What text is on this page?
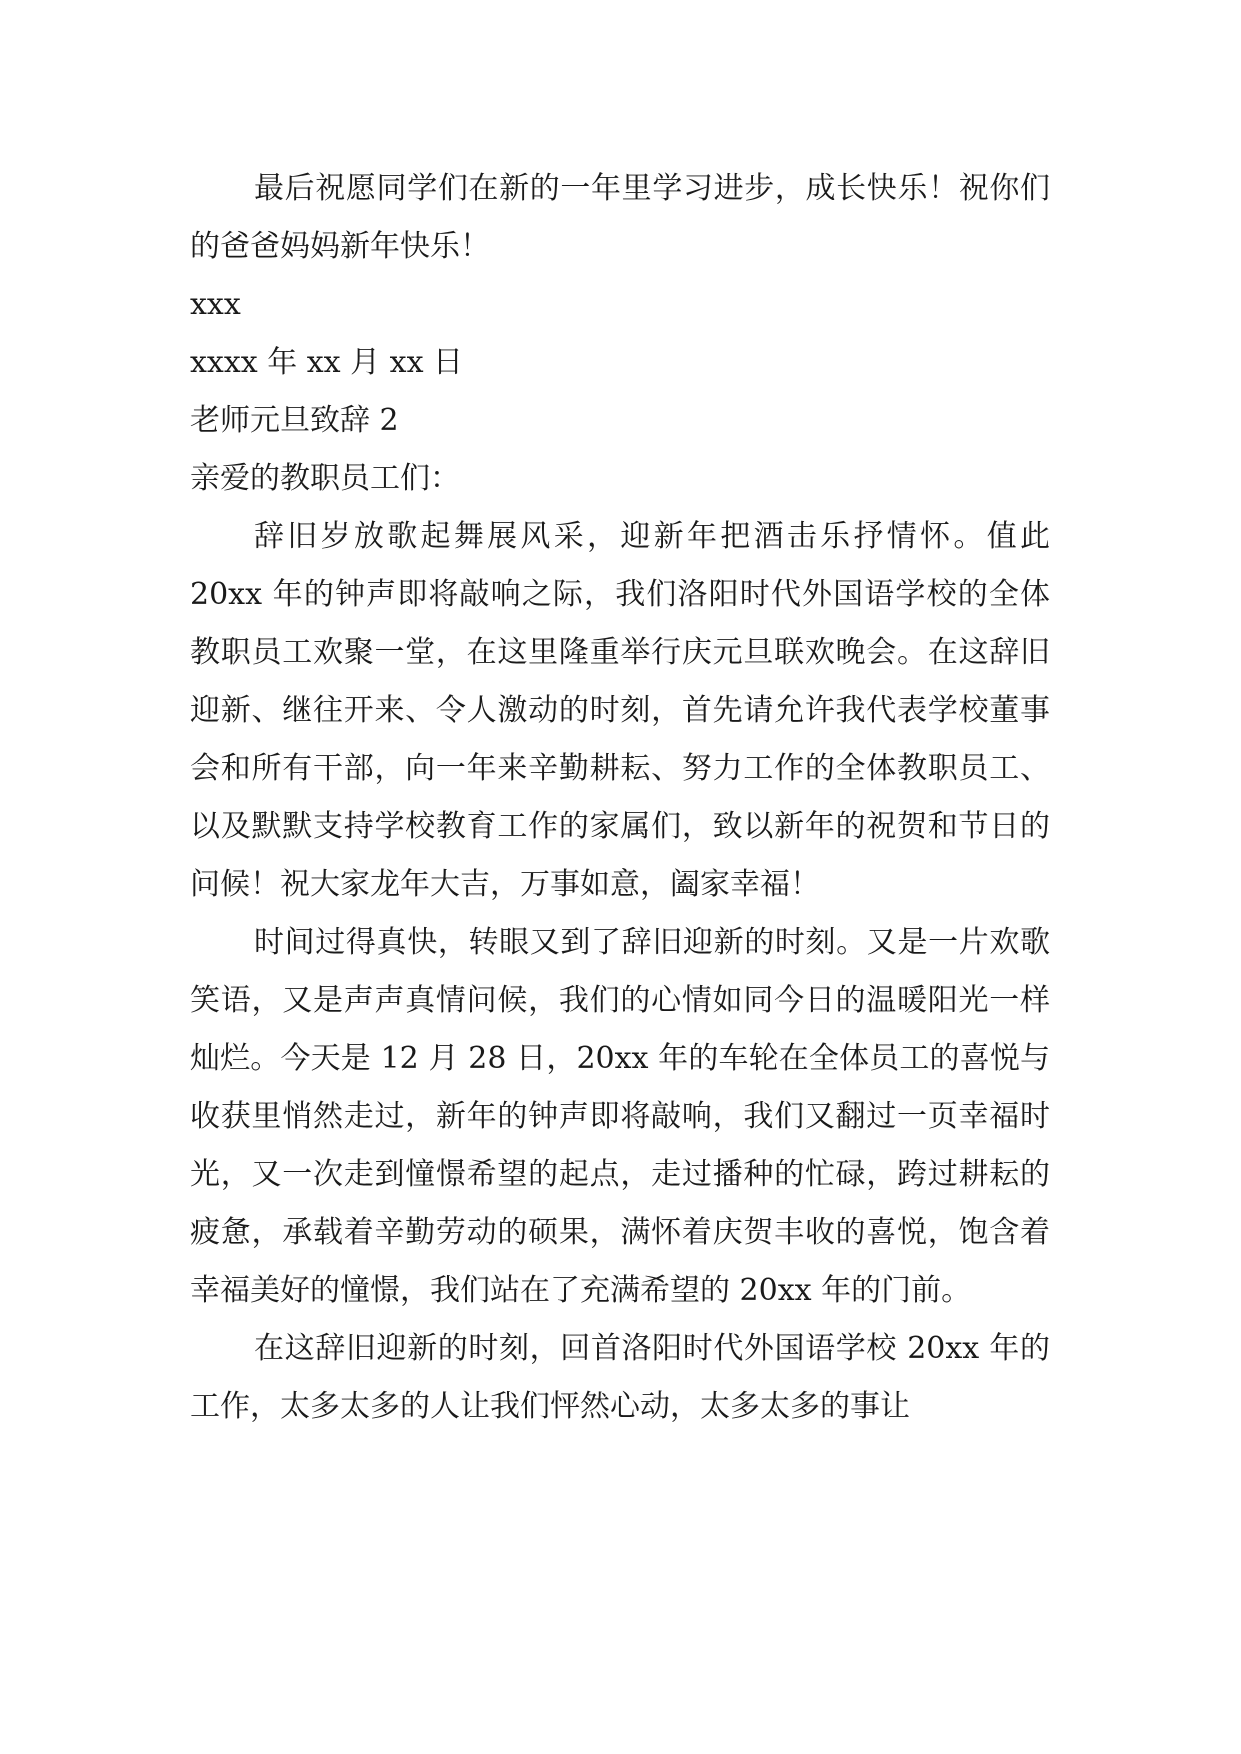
最后祝愿同学们在新的一年里学习进步，成长快乐！祝你们的爸爸妈妈新年快乐！

xxx

xxxx 年 xx 月 xx 日

老师元旦致辞 2

亲爱的教职员工们：

辞旧岁放歌起舞展风采，迎新年把酒击乐抒情怀。值此 20xx 年的钟声即将敲响之际，我们洛阳时代外国语学校的全体教职员工欢聚一堂，在这里隆重举行庆元旦联欢晚会。在这辞旧迎新、继往开来、令人激动的时刻，首先请允许我代表学校董事会和所有干部，向一年来辛勤耕耘、努力工作的全体教职员工、以及默默支持学校教育工作的家属们，致以新年的祝贺和节日的问候！祝大家龙年大吉，万事如意，阖家幸福！

时间过得真快，转眼又到了辞旧迎新的时刻。又是一片欢歌笑语，又是声声真情问候，我们的心情如同今日的温暖阳光一样灿烂。今天是 12 月 28 日，20xx 年的车轮在全体员工的喜悦与收获里悄然走过，新年的钟声即将敲响，我们又翻过一页幸福时光，又一次走到憧憬希望的起点，走过播种的忙碌，跨过耕耘的疲惫，承载着辛勤劳动的硕果，满怀着庆贺丰收的喜悦，饱含着幸福美好的憧憬，我们站在了充满希望的 20xx 年的门前。

在这辞旧迎新的时刻，回首洛阳时代外国语学校 20xx 年的工作，太多太多的人让我们怦然心动，太多太多的事让
